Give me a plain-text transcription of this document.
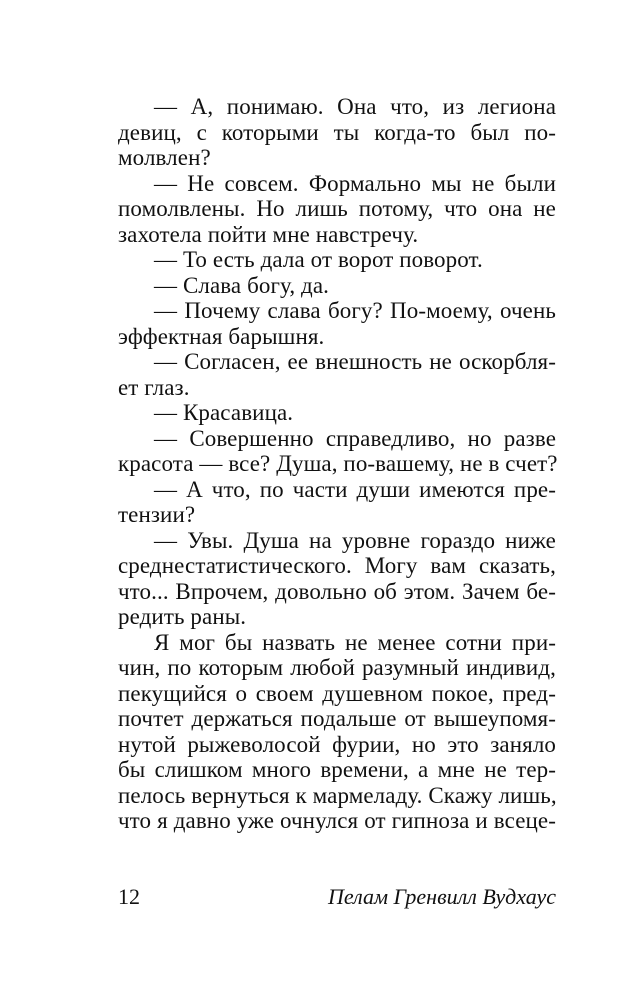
— А, понимаю. Она что, из легиона
девиц, с которыми ты когда-то был по-
молвлен?
— Не совсем. Формально мы не были
помолвлены. Но лишь потому, что она не
захотела пойти мне навстречу.
— То есть дала от ворот поворот.
— Слава богу, да.
— Почему слава богу? По-моему, очень
эффектная барышня.
— Согласен, ее внешность не оскорбля-
ет глаз.
— Красавица.
— Совершенно справедливо, но разве
красота — все? Душа, по-вашему, не в счет?
— А что, по части души имеются пре-
тензии?
— Увы. Душа на уровне гораздо ниже
среднестатистического. Могу вам сказать,
что... Впрочем, довольно об этом. Зачем бе-
редить раны.
Я мог бы назвать не менее сотни при-
чин, по которым любой разумный индивид,
пекущийся о своем душевном покое, пред-
почтет держаться подальше от вышеупомя-
нутой рыжеволосой фурии, но это заняло
бы слишком много времени, а мне не тер-
пелось вернуться к мармеладу. Скажу лишь,
что я давно уже очнулся от гипноза и всеце-
12	Пелам Гренвилл Вудхаус
